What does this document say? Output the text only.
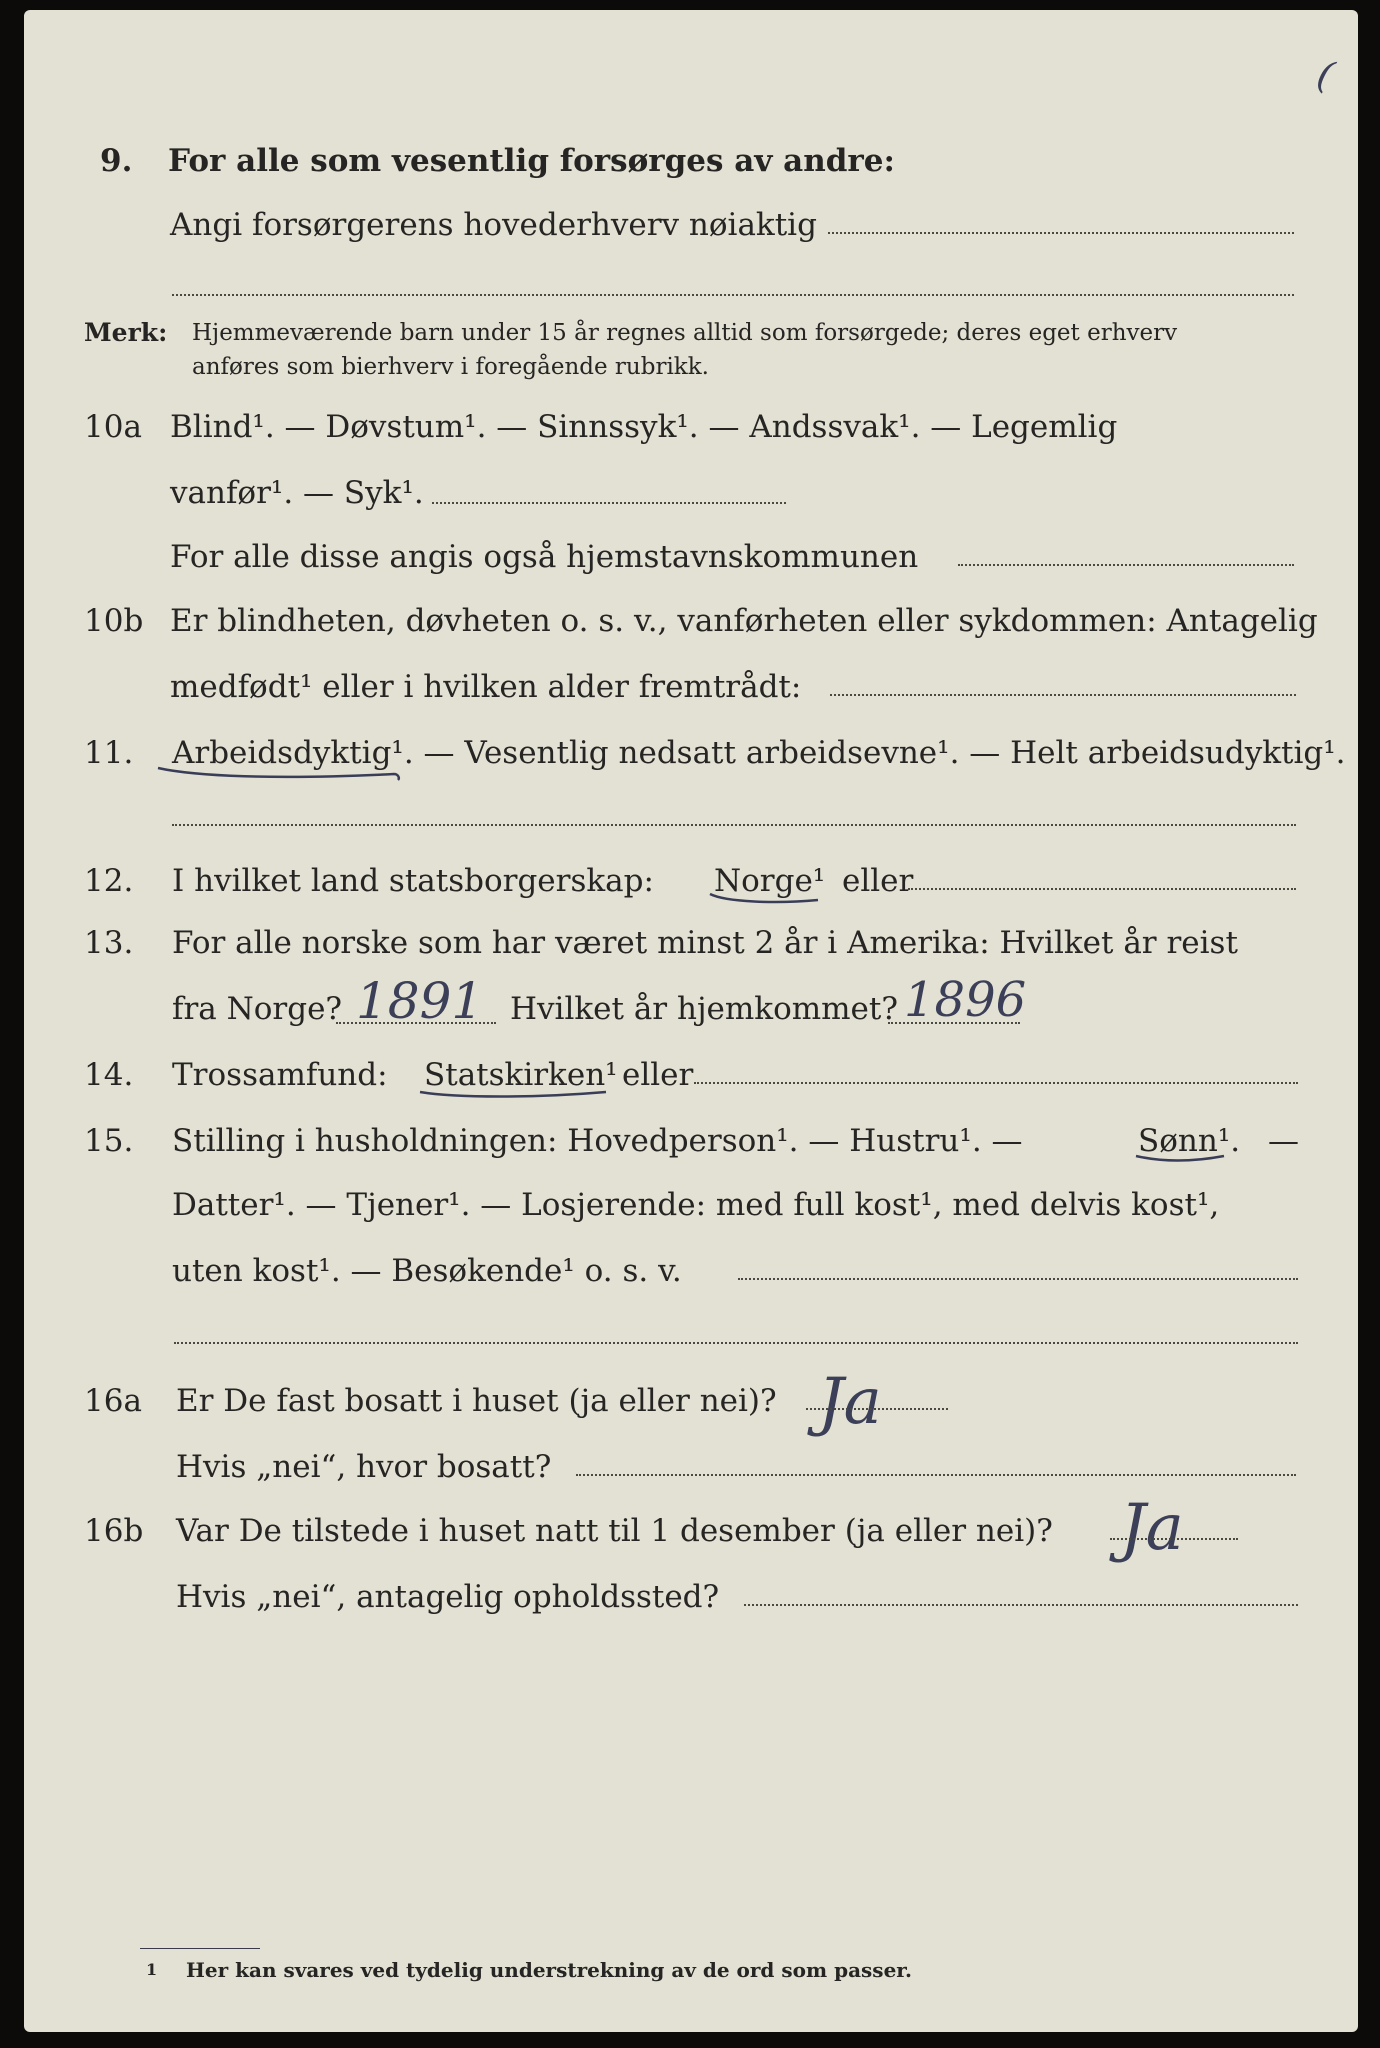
(
9. For alle som vesentlig forsørges av andre:
Angi forsørgerens hovederhverv nøiaktig
Merk: Hjemmeværende barn under 15 år regnes alltid som forsørgede; deres eget erhverv
anføres som bierhverv i foregående rubrikk.
10a Blind¹. — Døvstum¹. — Sinnssyk¹. — Andssvak¹. — Legemlig
vanfør¹. — Syk¹.
For alle disse angis også hjemstavnskommunen
10b Er blindheten, døvheten o. s. v., vanførheten eller sykdommen: Antagelig
medfødt¹ eller i hvilken alder fremtrådt:
11. Arbeidsdyktig¹. — Vesentlig nedsatt arbeidsevne¹. — Helt arbeidsudyktig¹.
12. I hvilket land statsborgerskap: Norge¹ eller
13. For alle norske som har været minst 2 år i Amerika: Hvilket år reist
fra Norge? 1891 Hvilket år hjemkommet? 1896
14. Trossamfund: Statskirken¹ eller
15. Stilling i husholdningen: Hovedperson¹. — Hustru¹. —	Sønn¹. —
Datter¹. — Tjener¹. — Losjerende: med full kost¹, med delvis kost¹,
uten kost¹. — Besøkende¹ o. s. v.
16a Er De fast bosatt i huset (ja eller nei)? Ja
Hvis „nei“, hvor bosatt?
16b Var De tilstede i huset natt til 1 desember (ja eller nei)? Ja
Hvis „nei“, antagelig opholdssted?
1 Her kan svares ved tydelig understrekning av de ord som passer.
